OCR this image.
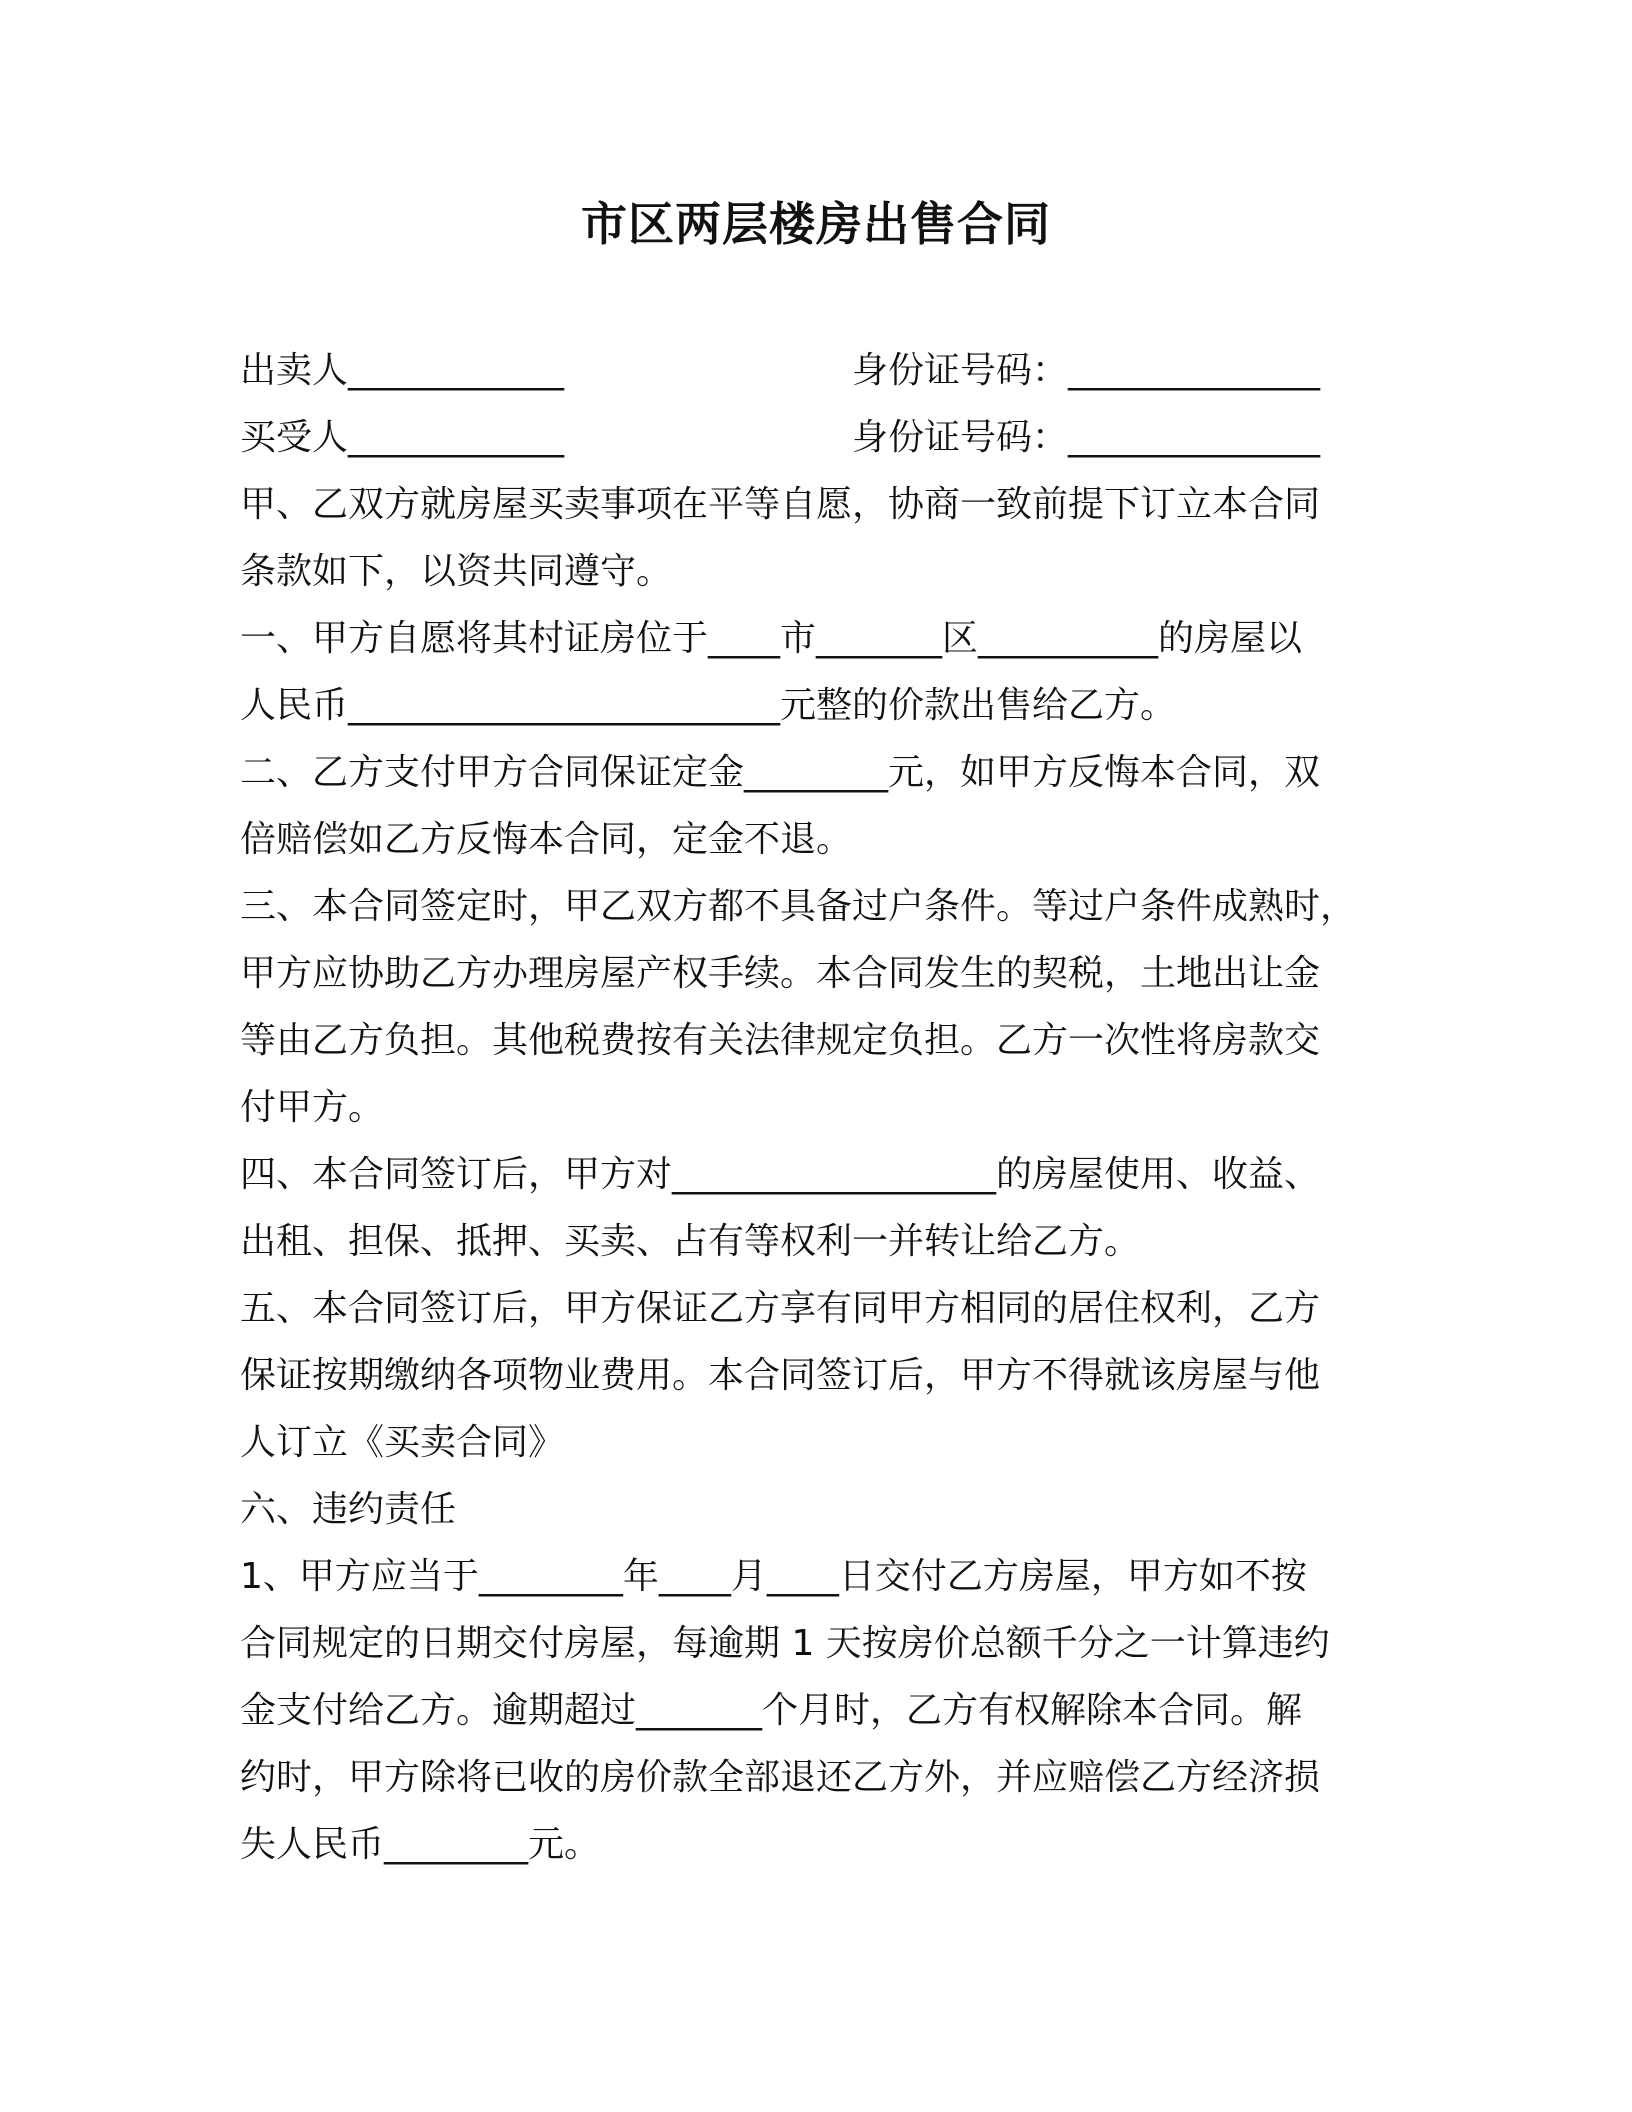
市区两层楼房出售合同
出卖人____________	身份证号码：______________
买受人____________	身份证号码：______________
甲、乙双方就房屋买卖事项在平等自愿，协商一致前提下订立本合同
条款如下，以资共同遵守。
一、甲方自愿将其村证房位于____市_______区__________的房屋以
人民币________________________元整的价款出售给乙方。
二、乙方支付甲方合同保证定金________元，如甲方反悔本合同，双
倍赔偿如乙方反悔本合同，定金不退。
三、本合同签定时，甲乙双方都不具备过户条件。等过户条件成熟时，
甲方应协助乙方办理房屋产权手续。本合同发生的契税，土地出让金
等由乙方负担。其他税费按有关法律规定负担。乙方一次性将房款交
付甲方。
四、本合同签订后，甲方对__________________的房屋使用、收益、
出租、担保、抵押、买卖、占有等权利一并转让给乙方。
五、本合同签订后，甲方保证乙方享有同甲方相同的居住权利，乙方
保证按期缴纳各项物业费用。本合同签订后，甲方不得就该房屋与他
人订立《买卖合同》
六、违约责任
1、甲方应当于________年____月____日交付乙方房屋，甲方如不按
合同规定的日期交付房屋，每逾期 1 天按房价总额千分之一计算违约
金支付给乙方。逾期超过_______个月时，乙方有权解除本合同。解
约时，甲方除将已收的房价款全部退还乙方外，并应赔偿乙方经济损
失人民币________元。
